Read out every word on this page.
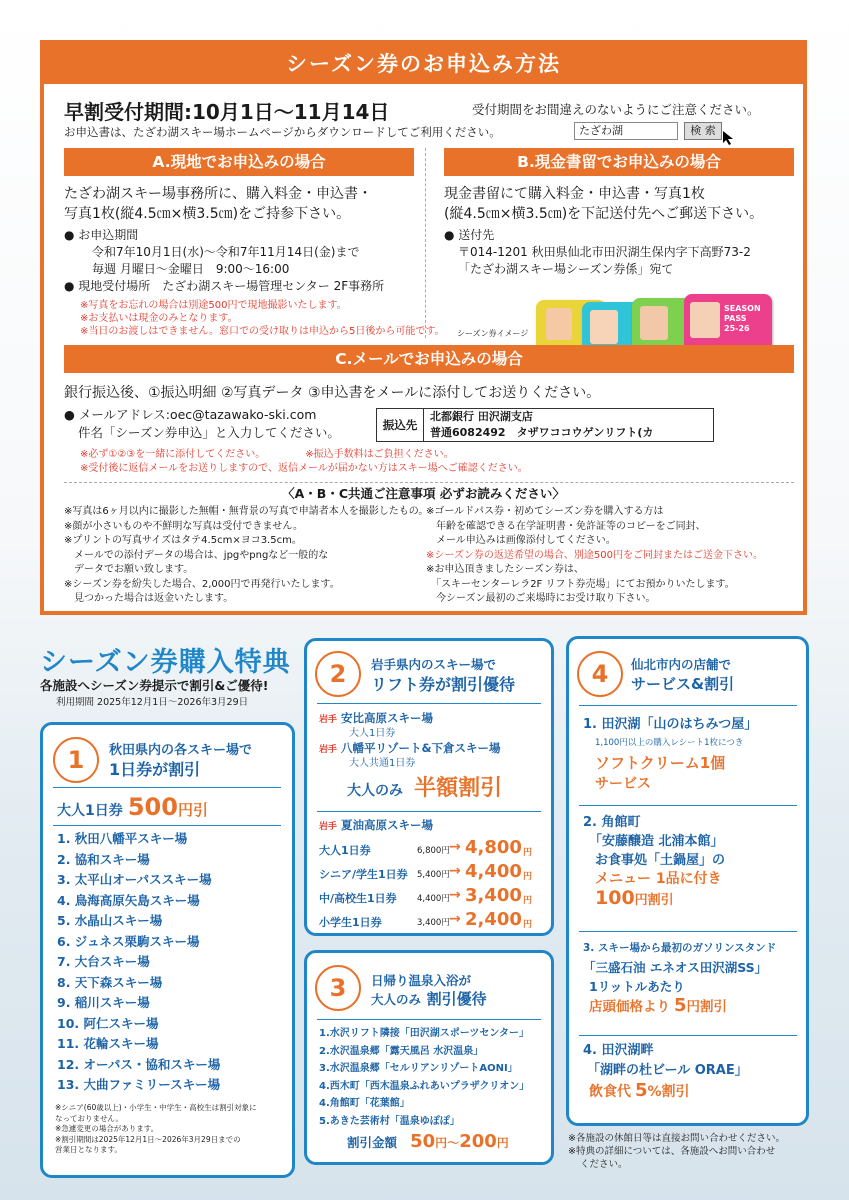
シーズン券のお申込み方法
早割受付期間:10月1日〜11月14日	受付期間をお間違えのないようにご注意ください。
お申込書は、たざわ湖スキー場ホームページからダウンロードしてご利用ください。	たざわ湖	検 索
A.現地でお申込みの場合
たざわ湖スキー場事務所に、購入料金・申込書・
写真1枚(縦4.5㎝×横3.5㎝)をご持参下さい。
● お申込期間
令和7年10月1日(水)〜令和7年11月14日(金)まで
毎週 月曜日〜金曜日　9:00〜16:00
● 現地受付場所　たざわ湖スキー場管理センター 2F事務所
※写真をお忘れの場合は別途500円で現地撮影いたします。
※お支払いは現金のみとなります。
※当日のお渡しはできません。窓口での受け取りは申込から5日後から可能です。
B.現金書留でお申込みの場合
現金書留にて購入料金・申込書・写真1枚
(縦4.5㎝×横3.5㎝)を下記送付先へご郵送下さい。
● 送付先
〒014-1201 秋田県仙北市田沢湖生保内字下高野73-2
「たざわ湖スキー場シーズン券係」宛て
シーズン券イメージ
SEASON
PASS
25-26
C.メールでお申込みの場合
銀行振込後、①振込明細 ②写真データ ③申込書をメールに添付してお送りください。
● メールアドレス:oec@tazawako-ski.com
件名「シーズン券申込」と入力してください。	振込先
北都銀行 田沢湖支店
普通6082492　タザワココウゲンリフト(カ
※必ず①②③を一緒に添付してください。	※振込手数料はご負担ください。
※受付後に返信メールをお送りしますので、返信メールが届かない方はスキー場へご確認ください。
〈A・B・C共通ご注意事項 必ずお読みください〉
※写真は6ヶ月以内に撮影した無帽・無背景の写真で申請者本人を撮影したもの。
※顔が小さいものや不鮮明な写真は受付できません。
※プリントの写真サイズはタテ4.5cm×ヨコ3.5cm。
　メールでの添付データの場合は、jpgやpngなど一般的な
　データでお願い致します。
※シーズン券を紛失した場合、2,000円で再発行いたします。
　見つかった場合は返金いたします。
※ゴールドパス券・初めてシーズン券を購入する方は
　年齢を確認できる在学証明書・免許証等のコピーをご同封、
　メール申込みは画像添付してください。
※シーズン券の返送希望の場合、別途500円をご同封またはご送金下さい。
※お申込頂きましたシーズン券は、
　「スキーセンターレラ2F リフト券売場」にてお預かりいたします。
　今シーズン最初のご来場時にお受け取り下さい。
シーズン券購入特典
各施設へシーズン券提示で割引&ご優待!
利用期間 2025年12月1日〜2026年3月29日
1	秋田県内の各スキー場で
1日券が割引
大人1日券 500円引
1. 秋田八幡平スキー場
2. 協和スキー場
3. 太平山オーパススキー場
4. 鳥海高原矢島スキー場
5. 水晶山スキー場
6. ジュネス栗駒スキー場
7. 大台スキー場
8. 天下森スキー場
9. 稲川スキー場
10. 阿仁スキー場
11. 花輪スキー場
12. オーパス・協和スキー場
13. 大曲ファミリースキー場
※シニア(60歳以上)・小学生・中学生・高校生は割引対象に
なっておりません。
※急遽変更の場合があります。
※割引期間は2025年12月1日〜2026年3月29日までの
営業日となります。
2	岩手県内のスキー場で
リフト券が割引優待
岩手 安比高原スキー場
大人1日券
岩手 八幡平リゾート&下倉スキー場
大人共通1日券
大人のみ 半額割引
岩手 夏油高原スキー場
大人1日券	6,800円 → 4,800 円
シニア/学生1日券 5,400円 → 4,400 円
中/高校生1日券 4,400円 → 3,400 円
小学生1日券	3,400円 → 2,400 円
3	日帰り温泉入浴が
大人のみ 割引優待
1.水沢リフト隣接「田沢湖スポーツセンター」
2.水沢温泉郷「露天風呂 水沢温泉」
3.水沢温泉郷「セルリアンリゾートAONI」
4.西木町「西木温泉ふれあいプラザクリオン」
4.角館町「花葉館」
5.あきた芸術村「温泉ゆぽぽ」
割引金額 50円〜200円
4	仙北市内の店舗で
サービス&割引
1. 田沢湖「山のはちみつ屋」
1,100円以上の購入レシート1枚につき
ソフトクリーム1個
サービス
2. 角館町
「安藤醸造 北浦本館」
お食事処「土鍋屋」の
メニュー 1品に付き
100円割引
3. スキー場から最初のガソリンスタンド
「三盛石油 エネオス田沢湖SS」
1リットルあたり
店頭価格より 5円割引
4. 田沢湖畔
「湖畔の杜ビール ORAE」
飲食代 5%割引
※各施設の休館日等は直接お問い合わせください。
※特典の詳細については、各施設へお問い合わせ
ください。
